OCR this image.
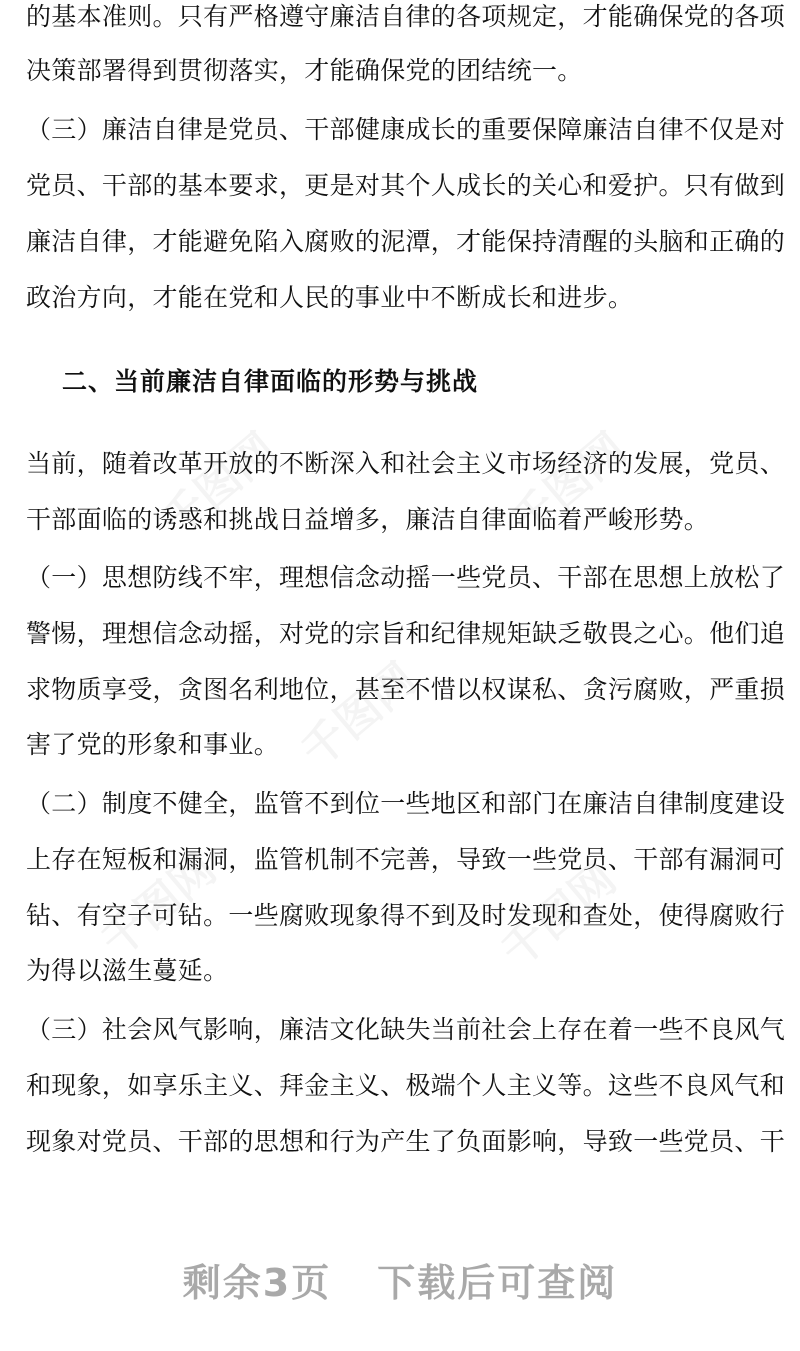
千图网	千图网
千图网
千图网	千图网
的基本准则。只有严格遵守廉洁自律的各项规定，才能确保党的各项
决策部署得到贯彻落实，才能确保党的团结统一。
（三）廉洁自律是党员、干部健康成长的重要保障廉洁自律不仅是对
党员、干部的基本要求，更是对其个人成长的关心和爱护。只有做到
廉洁自律，才能避免陷入腐败的泥潭，才能保持清醒的头脑和正确的
政治方向，才能在党和人民的事业中不断成长和进步。
二、当前廉洁自律面临的形势与挑战
当前，随着改革开放的不断深入和社会主义市场经济的发展，党员、
干部面临的诱惑和挑战日益增多，廉洁自律面临着严峻形势。
（一）思想防线不牢，理想信念动摇一些党员、干部在思想上放松了
警惕，理想信念动摇，对党的宗旨和纪律规矩缺乏敬畏之心。他们追
求物质享受，贪图名利地位，甚至不惜以权谋私、贪污腐败，严重损
害了党的形象和事业。
（二）制度不健全，监管不到位一些地区和部门在廉洁自律制度建设
上存在短板和漏洞，监管机制不完善，导致一些党员、干部有漏洞可
钻、有空子可钻。一些腐败现象得不到及时发现和查处，使得腐败行
为得以滋生蔓延。
（三）社会风气影响，廉洁文化缺失当前社会上存在着一些不良风气
和现象，如享乐主义、拜金主义、极端个人主义等。这些不良风气和
现象对党员、干部的思想和行为产生了负面影响，导致一些党员、干
剩余3页 下载后可查阅
